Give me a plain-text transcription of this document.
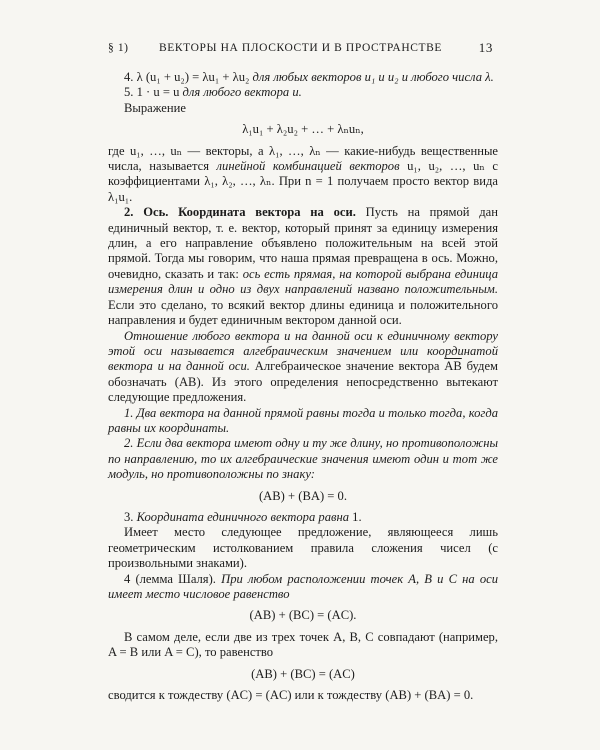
§ 1)	ВЕКТОРЫ НА ПЛОСКОСТИ И В ПРОСТРАНСТВЕ	13

4. λ (u₁ + u₂) = λu₁ + λu₂ для любых векторов u₁ и u₂ и любого числа λ.

5. 1 · u = u для любого вектора u.

Выражение

λ₁u₁ + λ₂u₂ + … + λₙuₙ,

где u₁, …, uₙ — векторы, а λ₁, …, λₙ — какие-нибудь вещественные числа, называется линейной комбинацией векторов u₁, u₂, …, uₙ с коэффициентами λ₁, λ₂, …, λₙ. При n = 1 получаем просто вектор вида λ₁u₁.

2. Ось. Координата вектора на оси. Пусть на прямой дан единичный вектор, т. е. вектор, который принят за единицу измерения длин, а его направление объявлено положительным на всей этой прямой. Тогда мы говорим, что наша прямая превращена в ось. Можно, очевидно, сказать и так: ось есть прямая, на которой выбрана единица измерения длин и одно из двух направлений названо положительным. Если это сделано, то всякий вектор длины единица и положительного направления и будет единичным вектором данной оси.

Отношение любого вектора u на данной оси к единичному вектору этой оси называется алгебраическим значением или координатой вектора u на данной оси. Алгебраическое значение вектора $\overline{AB}$ будем обозначать (AB). Из этого определения непосредственно вытекают следующие предложения.

1. Два вектора на данной прямой равны тогда и только тогда, когда равны их координаты.

2. Если два вектора имеют одну и ту же длину, но противоположны по направлению, то их алгебраические значения имеют один и тот же модуль, но противоположны по знаку:

(AB) + (BA) = 0.

3. Координата единичного вектора равна 1.

Имеет место следующее предложение, являющееся лишь геометрическим истолкованием правила сложения чисел (с произвольными знаками).

4 (лемма Шаля). При любом расположении точек A, B и C на оси имеет место числовое равенство

(AB) + (BC) = (AC).

В самом деле, если две из трех точек A, B, C совпадают (например, A = B или A = C), то равенство

(AB) + (BC) = (AC)

сводится к тождеству (AC) = (AC) или к тождеству (AB) + (BA) = 0.
